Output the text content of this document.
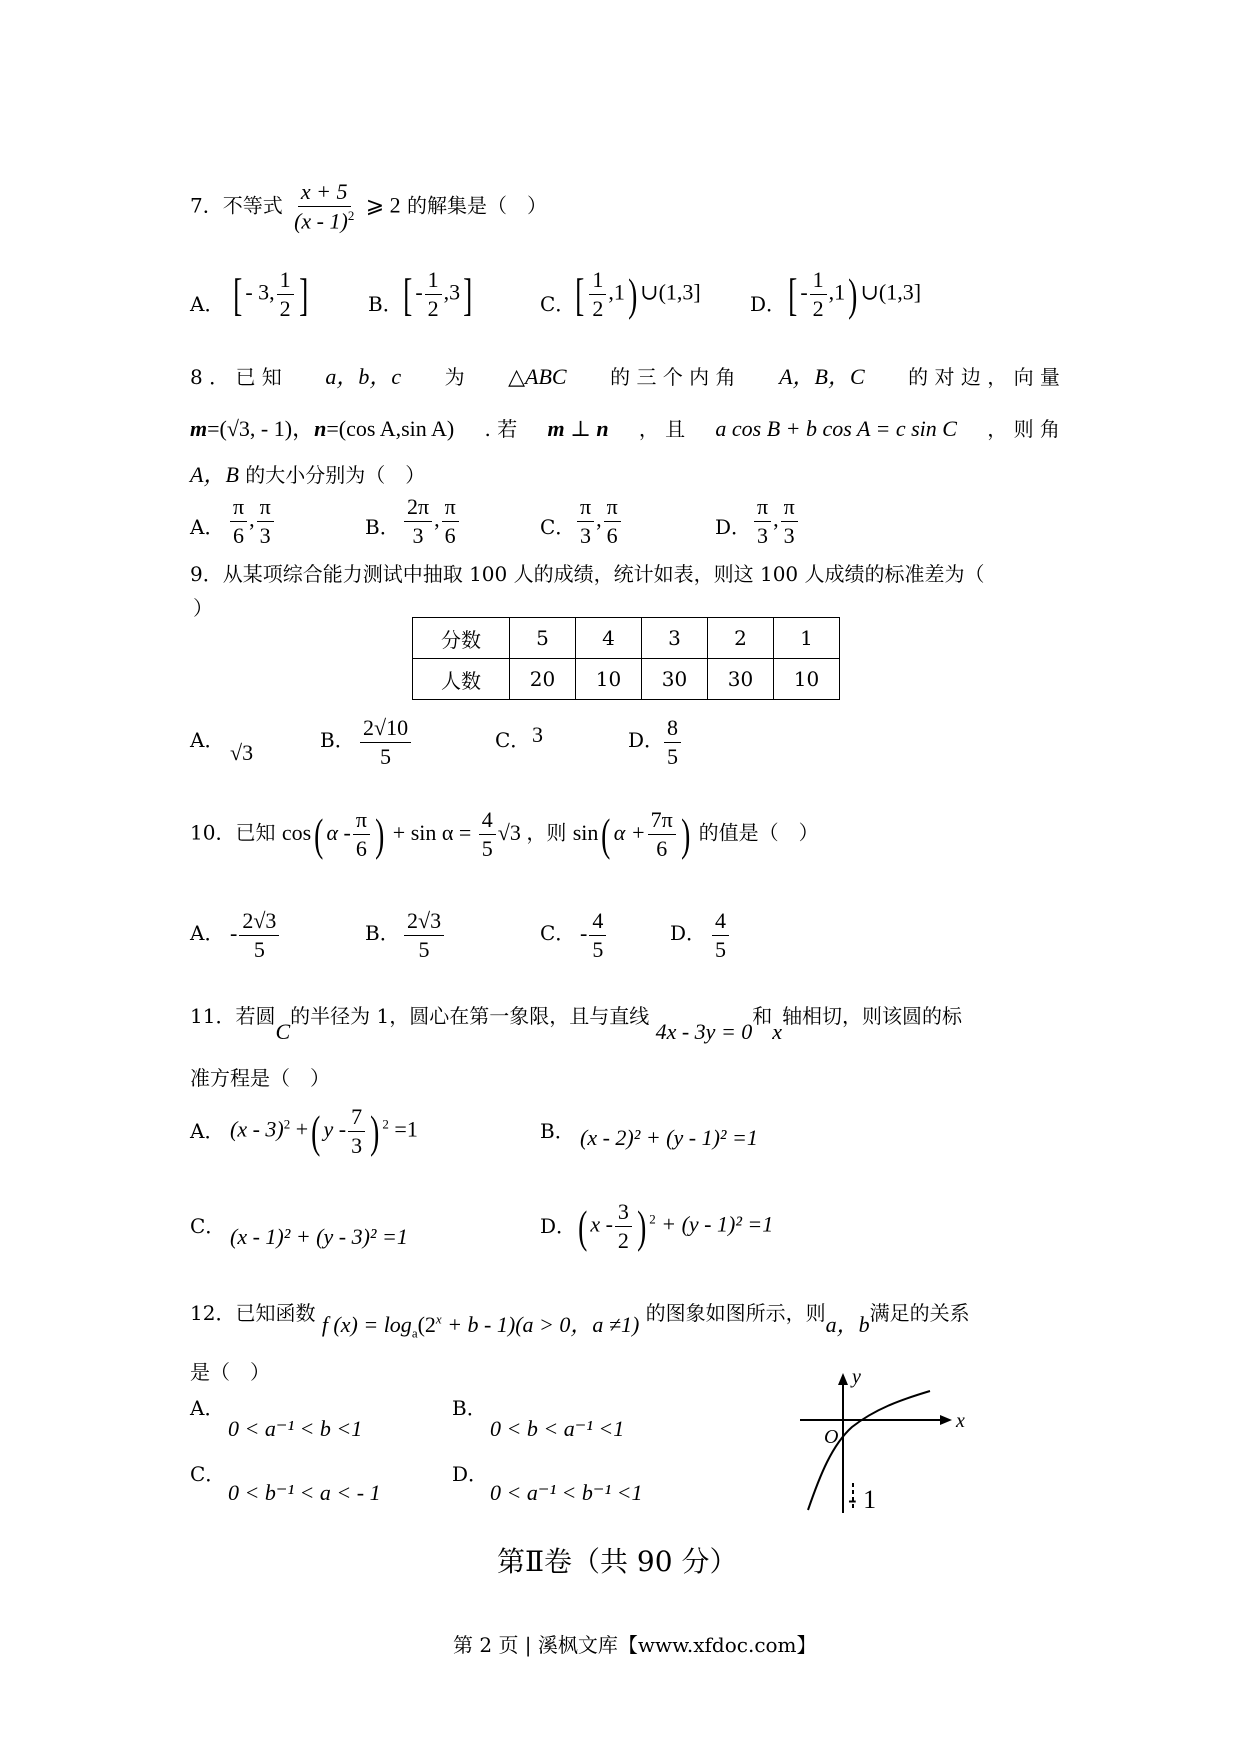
7．不等式 $\frac{x + 5}{(x - 1)^2}$ ⩾ 2 的解集是（　）
A． [ - 3, $\frac{1}{2}$ ]	B． [ - $\frac{1}{2} ,3$]	C． [ $\frac{1}{2} ,1$) ∪(1,3] D． [ - $\frac{1}{2} ,1$) ∪(1,3]
8 ． 已 知 a，b，c 为 △ABC 的 三 个 内 角 A，B，C 的 对 边 ， 向 量
m=(√3, - 1)，n=(cos A,sin A) . 若 m ⊥ n ， 且 a cos B + b cos A = c sin C ， 则 角
A，B 的大小分别为（　）
A． $\frac{\pi}{6}$ , $\frac{\pi}{3}$	B． $\frac{2\pi}{3}$ , $\frac{\pi}{6}$	C． $\frac{\pi}{3}$ , $\frac{\pi}{6}$	D． $\frac{\pi}{3}$ , $\frac{\pi}{3}$
9．从某项综合能力测试中抽取 100 人的成绩，统计如表，则这 100 人成绩的标准差为（
）
分数	5	4	3	2	1
人数	20	10	30	30	10
A． √3	B． $\frac{2√10}{5}$	C． 3	D． $\frac{8}{5}$
10．已知 cos( α - $\frac{\pi}{6}$ ) + $\sin \alpha = \frac{4}{5} √3$ ，则 sin( $\alpha + \frac{7\pi}{6}$ ) 的值是（　）
A． - $\frac{2√3}{5}$	B． $\frac{2√3}{5}$	C． - $\frac{4}{5}$	D． $\frac{4}{5}$
11．若圆C的半径为 1，圆心在第一象限，且与直线 4x - 3y = 0和x轴相切，则该圆的标
准方程是（　）
A． (x - 3)$^2$ +( y - $\frac{7}{3}$ ) $^2$ =1	B． (x - 2)² + (y - 1)² =1
C． (x - 1)² + (y - 3)² =1	D． ( x - $\frac{3}{2}$ ) $^2$ + (y - 1)² =1
12．已知函数 f $(x) = \log_a(2^x + b - 1)(a > 0$，a ≠1) 的图象如图所示，则a，b满足的关系
是（　）
A．
0 < a⁻¹ < b <1
B．
0 < b < a⁻¹ <1
C．
0 < b⁻¹ < a < - 1
D．
0 < a⁻¹ < b⁻¹ <1
y
x
O
- 1
第Ⅱ卷（共 90 分）
第 2 页 | 溪枫文库【www.xfdoc.com】
